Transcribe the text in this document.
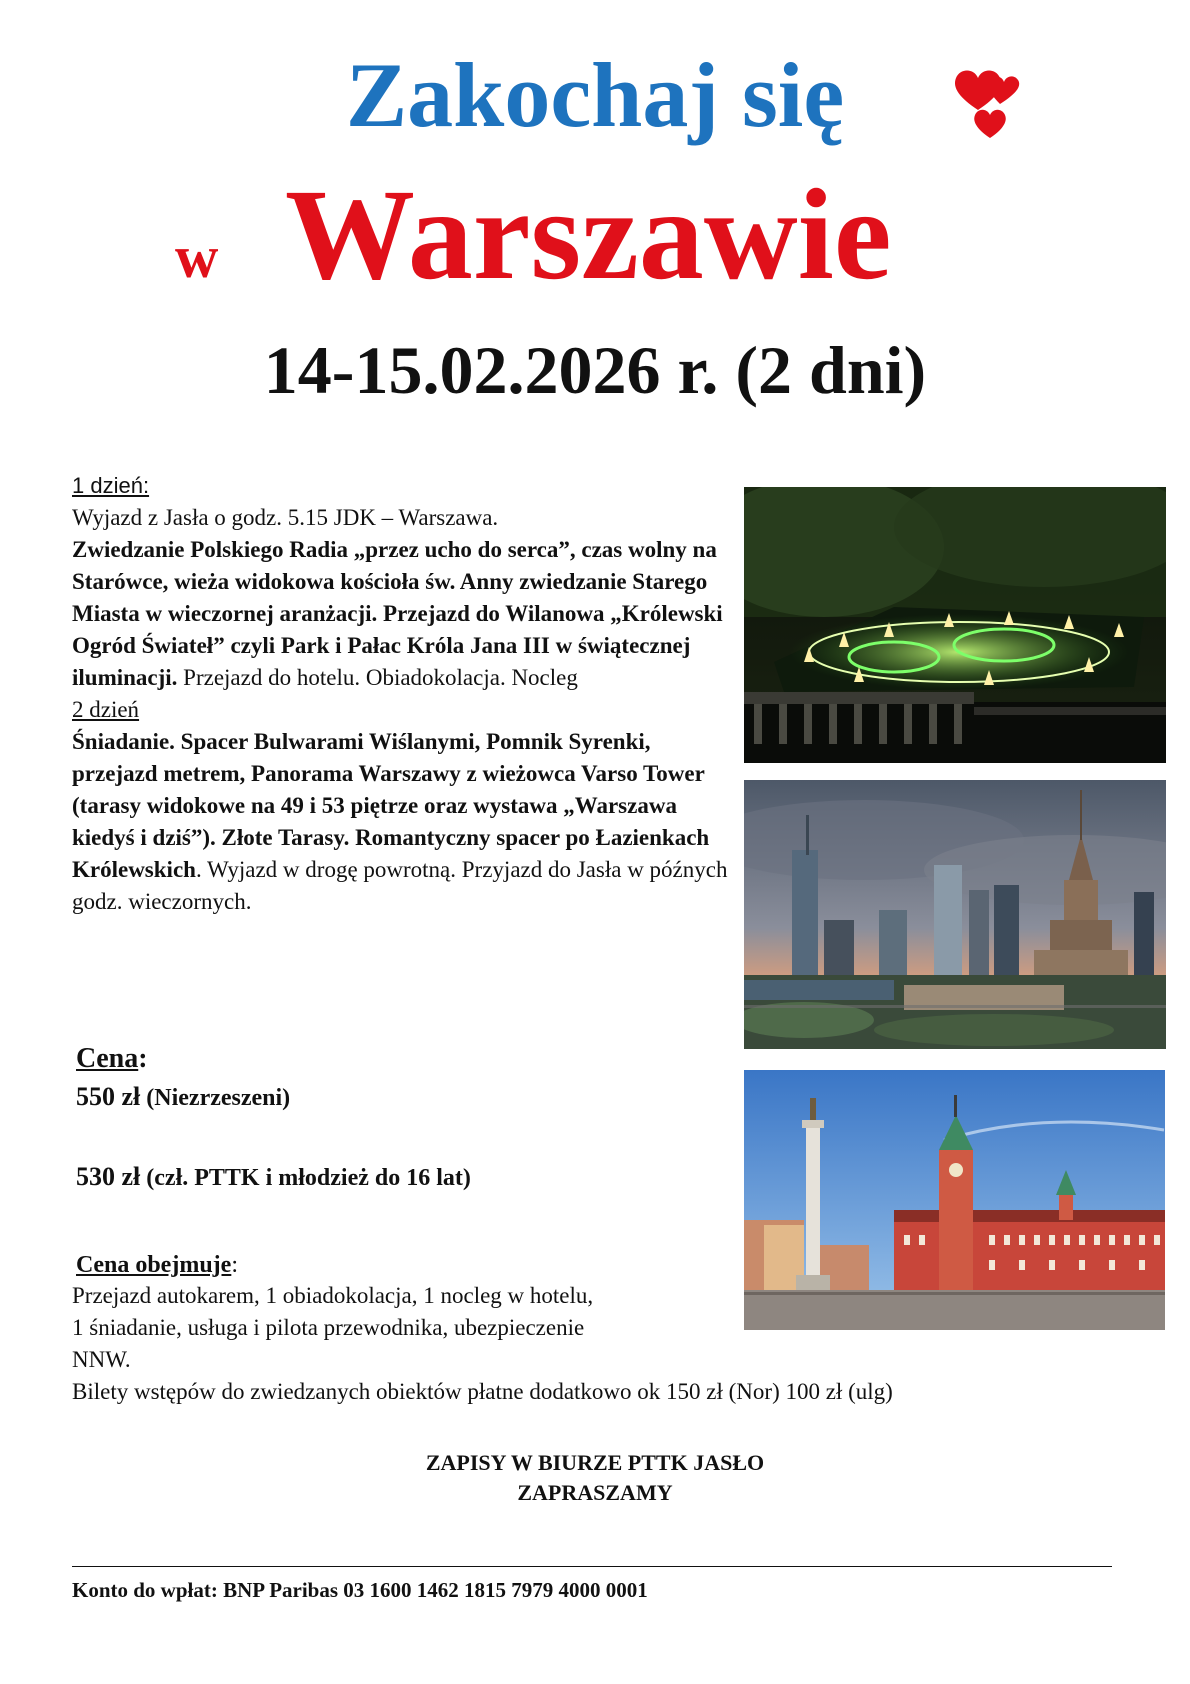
Zakochaj się
w Warszawie
14-15.02.2026 r. (2 dni)

1 dzień:

Wyjazd z Jasła o godz. 5.15 JDK – Warszawa.

Zwiedzanie Polskiego Radia „przez ucho do serca”, czas wolny na Starówce, wieża widokowa kościoła św. Anny zwiedzanie Starego Miasta w wieczornej aranżacji. Przejazd do Wilanowa „Królewski Ogród Świateł” czyli Park i Pałac Króla Jana III w świątecznej iluminacji. Przejazd do hotelu. Obiadokolacja. Nocleg

2 dzień

Śniadanie. Spacer Bulwarami Wiślanymi, Pomnik Syrenki, przejazd metrem, Panorama Warszawy z wieżowca Varso Tower (tarasy widokowe na 49 i 53 piętrze oraz wystawa „Warszawa kiedyś i dziś”). Złote Tarasy. Romantyczny spacer po Łazienkach Królewskich. Wyjazd w drogę powrotną. Przyjazd do Jasła w późnych godz. wieczornych.

Cena:
550 zł (Niezrzeszeni)
530 zł (czł. PTTK i młodzież do 16 lat)
Cena obejmuje:

Przejazd autokarem, 1 obiadokolacja, 1 nocleg w hotelu,

1 śniadanie, usługa i pilota przewodnika, ubezpieczenie

NNW.

Bilety wstępów do zwiedzanych obiektów płatne dodatkowo ok 150 zł (Nor) 100 zł (ulg)

ZAPISY W BIURZE PTTK JASŁO
ZAPRASZAMY
Konto do wpłat: BNP Paribas 03 1600 1462 1815 7979 4000 0001
